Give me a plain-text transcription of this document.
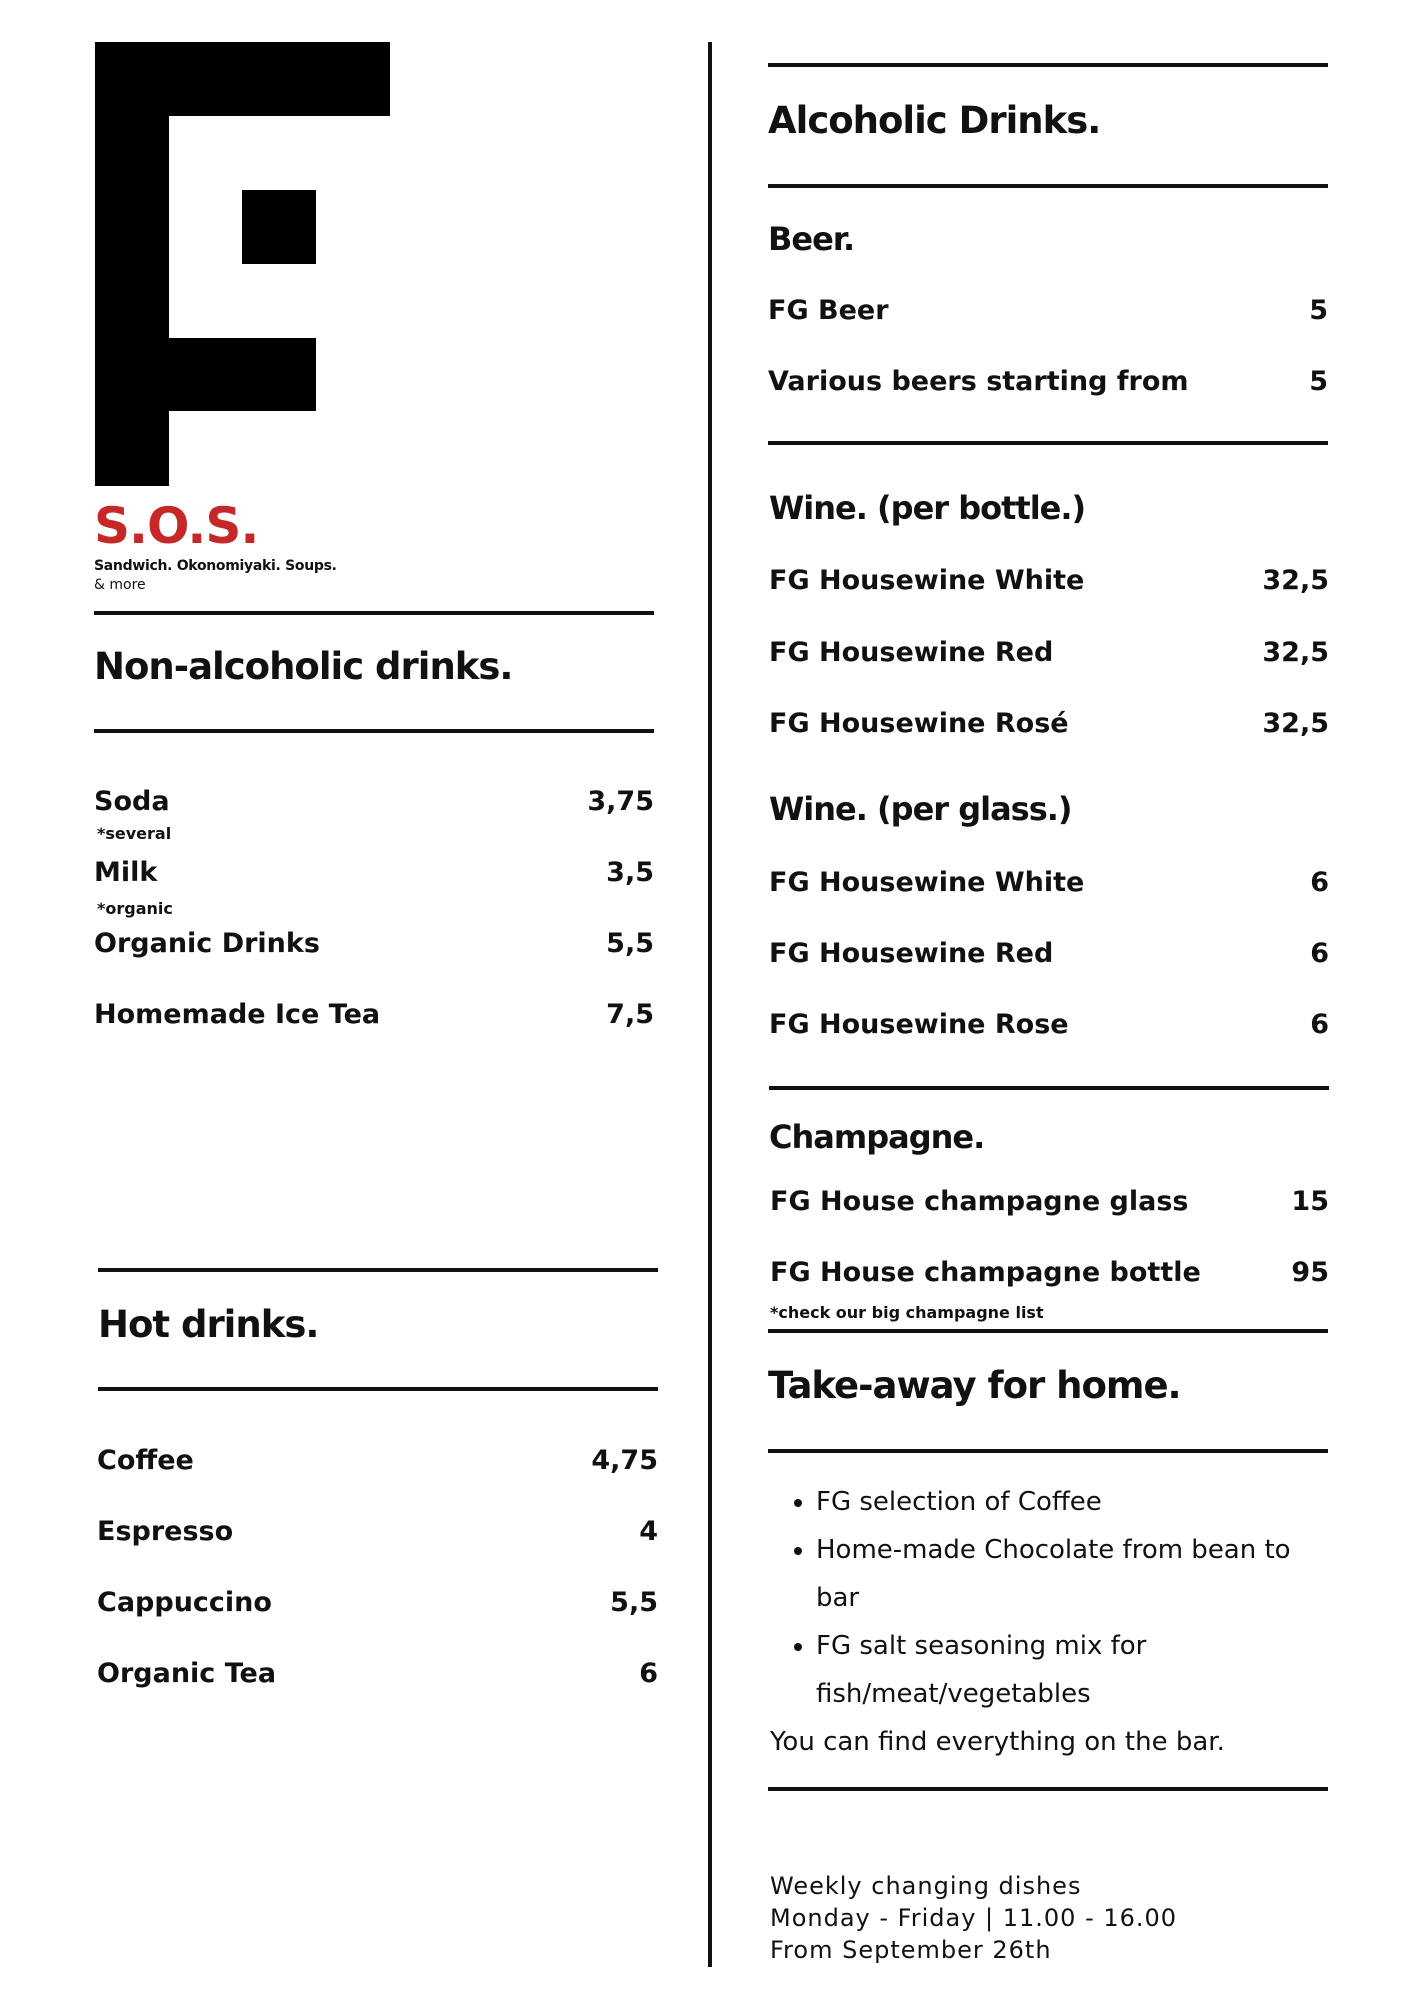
S.O.S.
Sandwich. Okonomiyaki. Soups.
& more
Non-alcoholic drinks.
Soda	3,75
*several
Milk	3,5
*organic
Organic Drinks	5,5
Homemade Ice Tea	7,5
Hot drinks.
Coffee	4,75
Espresso	4
Cappuccino	5,5
Organic Tea	6
Alcoholic Drinks.
Beer.
FG Beer	5
Various beers starting from	5
Wine. (per bottle.)
FG Housewine White	32,5
FG Housewine Red	32,5
FG Housewine Rosé	32,5
Wine. (per glass.)
FG Housewine White	6
FG Housewine Red	6
FG Housewine Rose	6
Champagne.
FG House champagne glass	15
FG House champagne bottle	95
*check our big champagne list
Take-away for home.
• FG selection of Coffee
• Home-made Chocolate from bean to bar
• FG salt seasoning mix for fish/meat/vegetables
You can find everything on the bar.
Weekly changing dishes
Monday - Friday | 11.00 - 16.00
From September 26th
